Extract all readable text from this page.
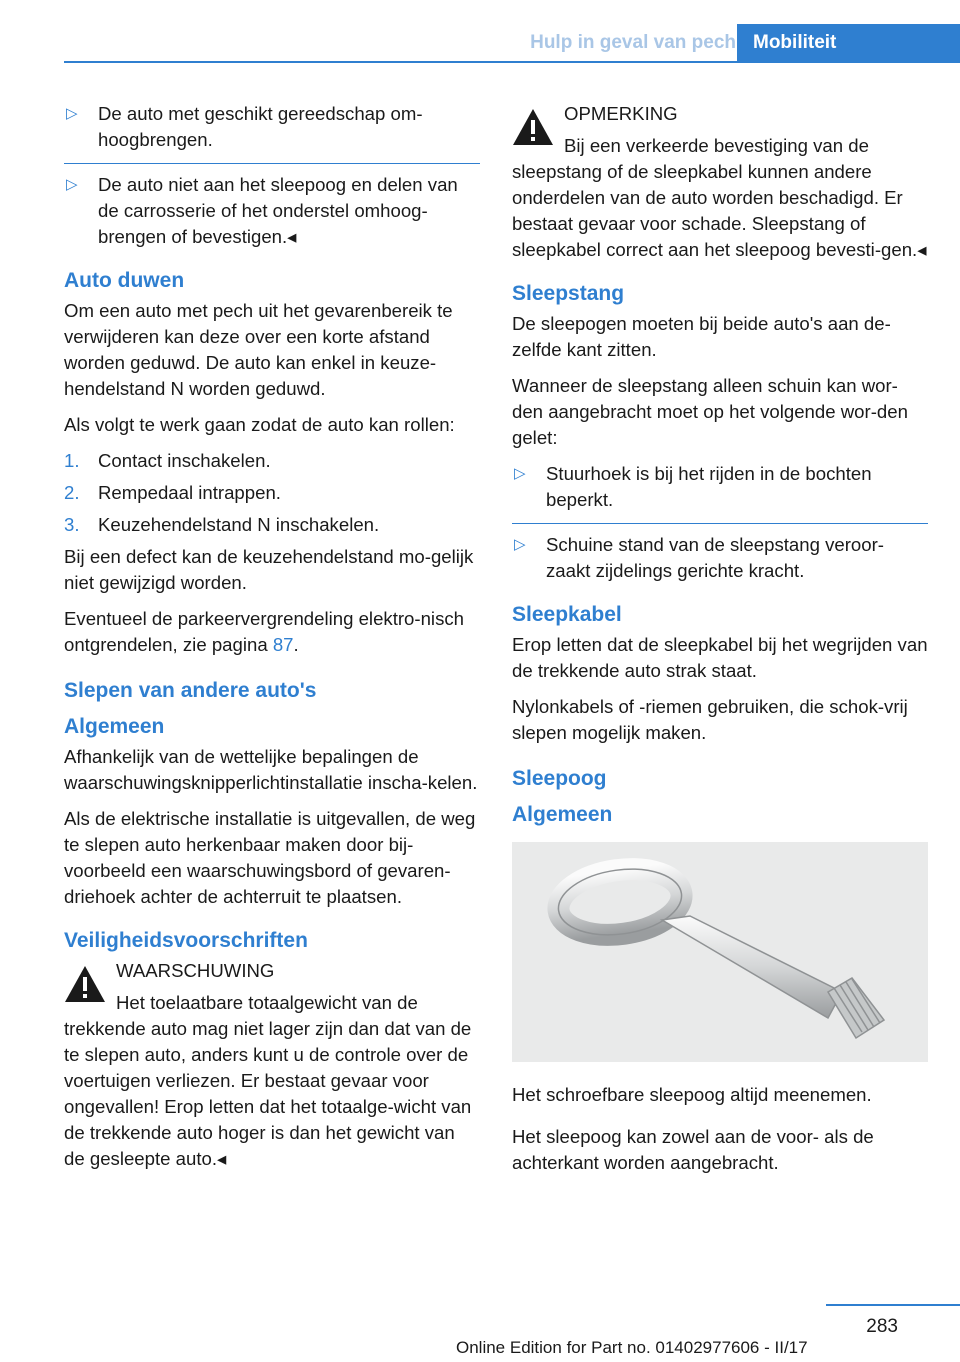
Hulp in geval van pech Mobiliteit
▷ De auto met geschikt gereedschap om-hoogbrengen.
▷ De auto niet aan het sleepoog en delen van de carrosserie of het onderstel omhoog-brengen of bevestigen.◂
Auto duwen

Om een auto met pech uit het gevarenbereik te verwijderen kan deze over een korte afstand worden geduwd. De auto kan enkel in keuze-hendelstand N worden geduwd.

Als volgt te werk gaan zodat de auto kan rollen:

1. Contact inschakelen.
2. Rempedaal intrappen.
3. Keuzehendelstand N inschakelen.

Bij een defect kan de keuzehendelstand mo-gelijk niet gewijzigd worden.

Eventueel de parkeervergrendeling elektro-nisch ontgrendelen, zie pagina 87.

Slepen van andere auto's
Algemeen

Afhankelijk van de wettelijke bepalingen de waarschuwingsknipperlichtinstallatie inscha-kelen.

Als de elektrische installatie is uitgevallen, de weg te slepen auto herkenbaar maken door bij-voorbeeld een waarschuwingsbord of gevaren-driehoek achter de achterruit te plaatsen.

Veiligheidsvoorschriften
WAARSCHUWING

Het toelaatbare totaalgewicht van de trekkende auto mag niet lager zijn dan dat van de te slepen auto, anders kunt u de controle over de voertuigen verliezen. Er bestaat gevaar voor ongevallen! Erop letten dat het totaalge-wicht van de trekkende auto hoger is dan het gewicht van de gesleepte auto.◂

OPMERKING

Bij een verkeerde bevestiging van de sleepstang of de sleepkabel kunnen andere onderdelen van de auto worden beschadigd. Er bestaat gevaar voor schade. Sleepstang of sleepkabel correct aan het sleepoog bevesti-gen.◂

Sleepstang

De sleepogen moeten bij beide auto's aan de-zelfde kant zitten.

Wanneer de sleepstang alleen schuin kan wor-den aangebracht moet op het volgende wor-den gelet:

▷ Stuurhoek is bij het rijden in de bochten beperkt.
▷ Schuine stand van de sleepstang veroor-zaakt zijdelings gerichte kracht.
Sleepkabel

Erop letten dat de sleepkabel bij het wegrijden van de trekkende auto strak staat.

Nylonkabels of -riemen gebruiken, die schok-vrij slepen mogelijk maken.

Sleepoog
Algemeen

Het schroefbare sleepoog altijd meenemen.

Het sleepoog kan zowel aan de voor- als de achterkant worden aangebracht.

283
Online Edition for Part no. 01402977606 - II/17
